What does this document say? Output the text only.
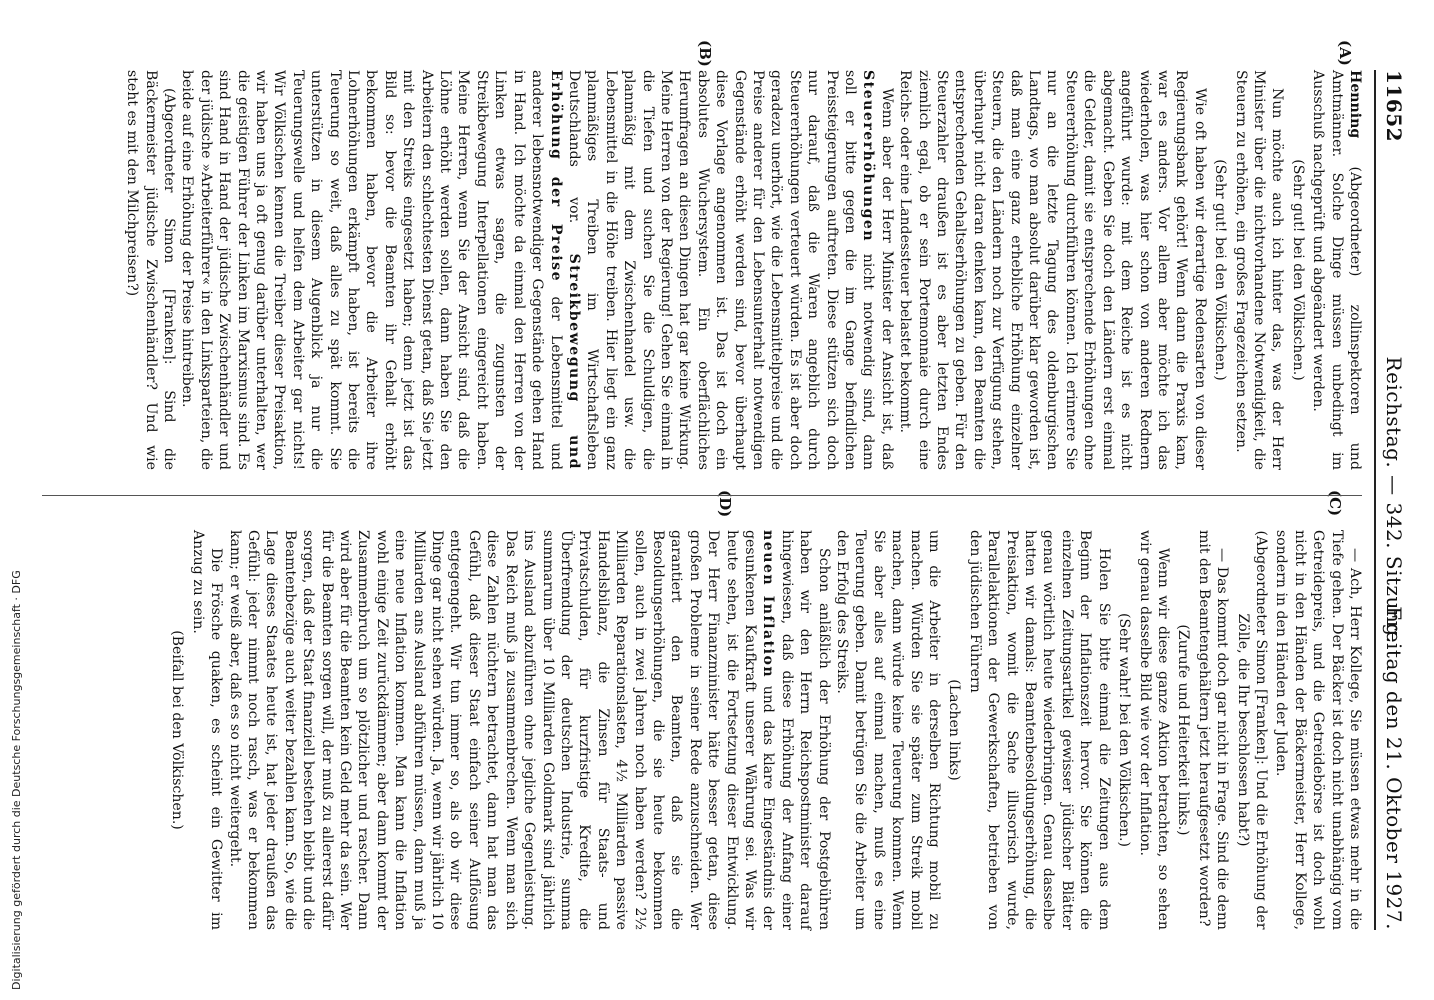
11652
Reichstag. — 342. Sitzung.
Freitag den 21. Oktober 1927.
(A)
(B)
(C)
(D)

Henning (Abgeordneter) zollinspektoren und Amtmänner. Solche Dinge müssen unbedingt im Ausschuß nachgeprüft und abgeändert werden.

(Sehr gut! bei den Völkischen.)

Nun möchte auch ich hinter das, was der Herr Minister über die nichtvorhandene Notwendigkeit, die Steuern zu erhöhen, ein großes Fragezeichen setzen.

(Sehr gut! bei den Völkischen.)

Wie oft haben wir derartige Redensarten von dieser Regierungsbank gehört! Wenn dann die Praxis kam, war es anders. Vor allem aber möchte ich das wiederholen, was hier schon von anderen Rednern angeführt wurde: mit dem Reiche ist es nicht abgemacht. Geben Sie doch den Ländern erst einmal die Gelder, damit sie entsprechende Erhöhungen ohne Steuererhöhung durchführen können. Ich erinnere Sie nur an die letzte Tagung des oldenburgischen Landtags, wo man absolut darüber klar geworden ist, daß man eine ganz erhebliche Erhöhung einzelner Steuern, die den Ländern noch zur Verfügung stehen, überhaupt nicht daran denken kann, den Beamten die entsprechenden Gehaltserhöhungen zu geben. Für den Steuerzahler draußen ist es aber letzten Endes ziemlich egal, ob er sein Portemonnaie durch eine Reichs- oder eine Landessteuer belastet bekommt.

Wenn aber der Herr Minister der Ansicht ist, daß Steuererhöhungen nicht notwendig sind, dann soll er bitte gegen die im Gange befindlichen Preissteigerungen auftreten. Diese stützen sich doch nur darauf, daß die Waren angeblich durch Steuererhöhungen verteuert würden. Es ist aber doch geradezu unerhört, wie die Lebensmittelpreise und die Preise anderer für den Lebensunterhalt notwendigen Gegenstände erhöht werden sind, bevor überhaupt diese Vorlage angenommen ist. Das ist doch ein absolutes Wuchersystem. Ein oberflächliches Herumfragen an diesen Dingen hat gar keine Wirkung. Meine Herren von der Regierung! Gehen Sie einmal in die Tiefen und suchen Sie die Schuldigen, die planmäßig mit dem Zwischenhandel usw. die Lebensmittel in die Höhe treiben. Hier liegt ein ganz planmäßiges Treiben im Wirtschaftsleben Deutschlands vor. Streikbewegung und Erhöhung der Preise der Lebensmittel und anderer lebensnotwendiger Gegenstände gehen Hand in Hand. Ich möchte da einmal den Herren von der Linken etwas sagen, die zugunsten der Streikbewegung Interpellationen eingereicht haben. Meine Herren, wenn Sie der Ansicht sind, daß die Löhne erhöht werden sollen, dann haben Sie den Arbeitern den schlechtesten Dienst getan, daß Sie jetzt mit den Streiks eingesetzt haben; denn jetzt ist das Bild so: bevor die Beamten ihr Gehalt erhöht bekommen haben, bevor die Arbeiter ihre Lohnerhöhungen erkämpft haben, ist bereits die Teuerung so weit, daß alles zu spät kommt. Sie unterstützen in diesem Augenblick ja nur die Teuerungswelle und helfen dem Arbeiter gar nichts! Wir Völkischen kennen die Treiber dieser Preisaktion, wir haben uns ja oft genug darüber unterhalten, wer die geistigen Führer der Linken im Marxismus sind. Es sind Hand in Hand der jüdische Zwischenhändler und der jüdische »Arbeiterführer« in den Linksparteien, die beide auf eine Erhöhung der Preise hintreiben.

(Abgeordneter Simon [Franken]: Sind die Bäckermeister jüdische Zwischenhändler? Und wie steht es mit den Milchpreisen?)

— Ach, Herr Kollege, Sie müssen etwas mehr in die Tiefe gehen. Der Bäcker ist doch nicht unabhängig vom Getreidepreis, und die Getreidebörse ist doch wohl nicht in den Händen der Bäckermeister, Herr Kollege, sondern in den Händen der Juden.

(Abgeordneter Simon [Franken]: Und die Erhöhung der Zölle, die Ihr beschlossen habt?)

— Das kommt doch gar nicht in Frage. Sind die denn mit den Beamtengehältern jetzt heraufgesetzt worden?

(Zurufe und Heiterkeit links.)

Wenn wir diese ganze Aktion betrachten, so sehen wir genau dasselbe Bild wie vor der Inflation.

(Sehr wahr! bei den Völkischen.)

Holen Sie bitte einmal die Zeitungen aus dem Beginn der Inflationszeit hervor. Sie können die einzelnen Zeitungsartikel gewisser jüdischer Blätter genau wörtlich heute wiederbringen. Genau dasselbe hatten wir damals: Beamtenbesoldungserhöhung, die Preisaktion, womit die Sache illusorisch wurde, Parallelaktionen der Gewerkschaften, betrieben von den jüdischen Führern

(Lachen links)

um die Arbeiter in derselben Richtung mobil zu machen. Würden Sie sie später zum Streik mobil machen, dann würde keine Teuerung kommen. Wenn Sie aber alles auf einmal machen, muß es eine Teuerung geben. Damit betrügen Sie die Arbeiter um den Erfolg des Streiks.

Schon anläßlich der Erhöhung der Postgebühren haben wir den Herrn Reichspostminister darauf hingewiesen, daß diese Erhöhung der Anfang einer neuen Inflation und das klare Eingeständnis der gesunkenen Kaufkraft unserer Währung sei. Was wir heute sehen, ist die Fortsetzung dieser Entwicklung. Der Herr Finanzminister hätte besser getan, diese großen Probleme in seiner Rede anzuschneiden. Wer garantiert den Beamten, daß sie die Besoldungserhöhungen, die sie heute bekommen sollen, auch in zwei Jahren noch haben werden? 2½ Milliarden Reparationslasten, 4½ Milliarden passive Handelsbilanz, die Zinsen für Staats- und Privatschulden, für kurzfristige Kredite, die Überfremdung der deutschen Industrie, summa summarum über 10 Milliarden Goldmark sind jährlich ins Ausland abzuführen ohne jegliche Gegenleistung. Das Reich muß ja zusammenbrechen. Wenn man sich diese Zahlen nüchtern betrachtet, dann hat man das Gefühl, daß dieser Staat einfach seiner Auflösung entgegengeht. Wir tun immer so, als ob wir diese Dinge gar nicht sehen würden. Ja, wenn wir jährlich 10 Milliarden ans Ausland abführen müssen, dann muß ja eine neue Inflation kommen. Man kann die Inflation wohl einige Zeit zurückdämmen; aber dann kommt der Zusammenbruch um so plötzlicher und rascher. Dann wird aber für die Beamten kein Geld mehr da sein. Wer für die Beamten sorgen will, der muß zu allererst dafür sorgen, daß der Staat finanziell bestehen bleibt und die Beamtenbezüge auch weiter bezahlen kann. So, wie die Lage dieses Staates heute ist, hat jeder draußen das Gefühl: jeder nimmt noch rasch, was er bekommen kann; er weiß aber, daß es so nicht weitergeht.

Die Frösche quaken, es scheint ein Gewitter im Anzug zu sein.

(Beifall bei den Völkischen.)

Digitalisierung gefördert durch die Deutsche Forschungsgemeinschaft · DFG
